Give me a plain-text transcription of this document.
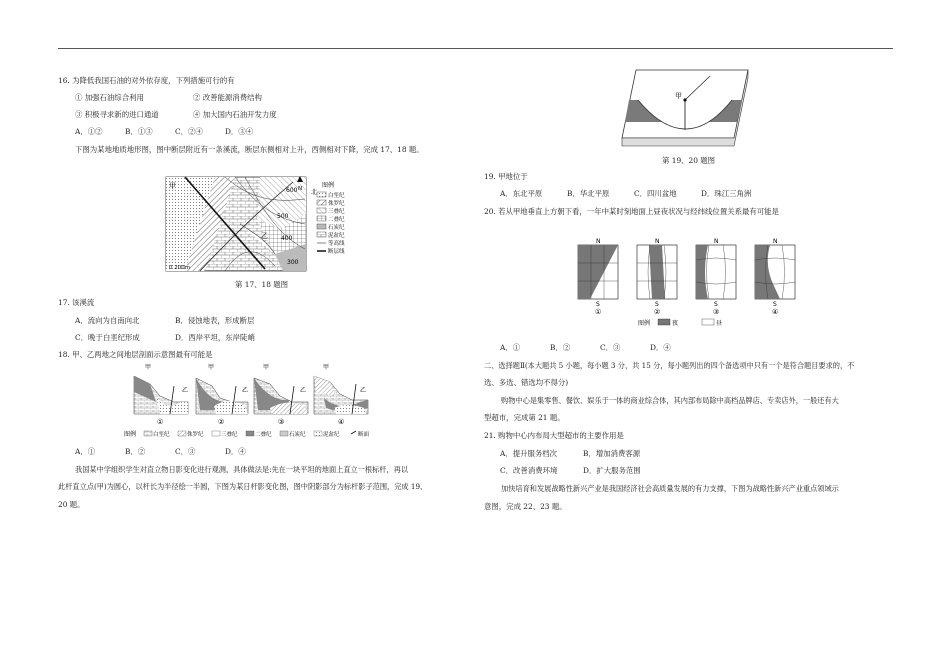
16. 为降低我国石油的对外依存度，下列措施可行的有
① 加强石油综合利用	② 改善能源消费结构
③ 积极寻求新的进口通道	④ 加大国内石油开发力度
A．①②	B．①③	C．②④	D．③④
下图为某地地质地形图，图中断层附近有一条溪流，断层东侧相对上升，西侧相对下降，完成 17、18 题。
600
500
400
300
甲
乙
0 200m
N 北
图例
白垩纪
侏罗纪
三叠纪
二叠纪
石炭纪
泥盆纪
等高线
断层线
第 17、18 题图
17. 该溪流
A．流向为自南向北	B．侵蚀地表，形成断层
C．晚于白垩纪形成	D．西岸平坦，东岸陡峭
18. 甲、乙两地之间地层剖面示意图最有可能是
甲
乙
①
甲
乙
②
甲
乙
③
甲
乙
④
图例	白垩纪	侏罗纪	三叠纪	二叠纪	石炭纪	泥盆纪	断面
A．①	B．②	C．③	D．④
我国某中学组织学生对直立物日影变化进行观测，具体做法是:先在一块平坦的地面上直立一根标杆，再以
此杆直立点(甲)为圆心，以杆长为半径绘一半圆，下图为某日杆影变化图，图中阴影部分为标杆影子范围，完成 19、
20 题。
甲
第 19、20 题图
19. 甲地位于
A．东北平原	B．华北平原	C．四川盆地	D．珠江三角洲
20. 若从甲地垂直上方朝下看，一年中某时刻地面上昼夜状况与经纬线位置关系最有可能是
N
S
①
N
S
②
N
S
③
N
S
④
图例	夜	昼
A．①	B．②	C．③	D．④
二、选择题Ⅱ(本大题共 5 小题，每小题 3 分，共 15 分，每小题列出的四个备选项中只有一个是符合题目要求的，不
选、多选、错选均不得分)
购物中心是集零售、餐饮、娱乐于一体的商业综合体，其内部布局除中高档品牌店、专卖店外，一般还有大
型超市，完成第 21 题。
21. 购物中心内布局大型超市的主要作用是
A．提升服务档次	B．增加消费客源
C．改善消费环境	D．扩大服务范围
加快培育和发展战略性新兴产业是我国经济社会高质量发展的有力支撑，下图为战略性新兴产业重点领域示
意图，完成 22、23 题。
